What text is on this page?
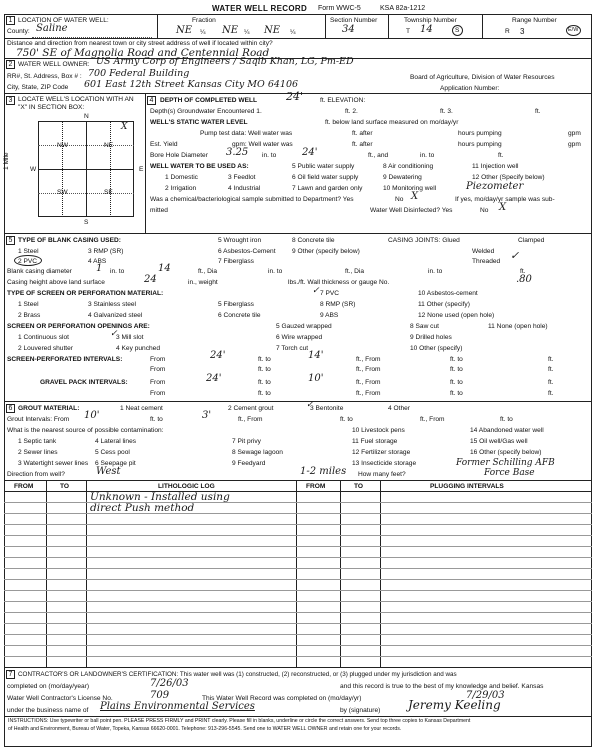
WATER WELL RECORD Form WWC-5	KSA 82a-1212
1 LOCATION OF WATER WELL:
County: Saline
Fraction
NE ¼ NE ¼ NE ¼
Section Number
34
Township Number
T 14	S
Range Number
R 3	E/W
Distance and direction from nearest town or city street address of well if located within city?
750' SE of Magnolia Road and Centennial Road
2 WATER WELL OWNER: US Army Corp of Engineers / Saqib Khan, LG, Pm-ED
RR#, St. Address, Box # : 700 Federal Building	Board of Agriculture, Division of Water Resources
City, State, ZIP Code 601 East 12th Street Kansas City MO 64106	Application Number:
3 LOCATE WELL'S LOCATION WITH AN "X" IN SECTION BOX:
N
S
W	E
1 Mile
NW	NE
SW	SE
X
4 DEPTH OF COMPLETED WELL	24'	ft. ELEVATION:
Depth(s) Groundwater Encountered 1.	ft. 2.	ft. 3.	ft.
WELL'S STATIC WATER LEVEL	ft. below land surface measured on mo/day/yr
Pump test data: Well water was	ft. after	hours pumping	gpm
Est. Yield	gpm: Well water was	ft. after	hours pumping	gpm
Bore Hole Diameter 3.25 in. to	24'	ft., and	in. to	ft.
WELL WATER TO BE USED AS:	5 Public water supply	8 Air conditioning	11 Injection well
1 Domestic	3 Feedlot	6 Oil field water supply	9 Dewatering	12 Other (Specify below)
2 Irrigation	4 Industrial	7 Lawn and garden only	10 Monitoring well	Piezometer
Was a chemical/bacteriological sample submitted to Department? Yes	No X	If yes, mo/day/yr sample was sub-
mitted	Water Well Disinfected? Yes	No X
5 TYPE OF BLANK CASING USED:	5 Wrought iron	8 Concrete tile	CASING JOINTS: Glued	Clamped
1 Steel	3 RMP (SR)	6 Asbestos-Cement 9 Other (specify below)	Welded
2 PVC	4 ABS	7 Fiberglass	Threaded ✓
Blank casing diameter 1 in. to	14	ft., Dia	in. to	ft., Dia	in. to	ft.
Casing height above land surface	24	in., weight	lbs./ft. Wall thickness or gauge No.	.80
TYPE OF SCREEN OR PERFORATION MATERIAL:	7 PVC
✓	10 Asbestos-cement
1 Steel	3 Stainless steel	5 Fiberglass	8 RMP (SR)	11 Other (specify)
2 Brass	4 Galvanized steel	6 Concrete tile	9 ABS	12 None used (open hole)
SCREEN OR PERFORATION OPENINGS ARE:
1 Continuous slot	3 Mill slot
✓
5 Gauzed wrapped	8 Saw cut	11 None (open hole)
6 Wire wrapped	9 Drilled holes
2 Louvered shutter	4 Key punched	7 Torch cut	10 Other (specify)
SCREEN-PERFORATED INTERVALS:	From	24'	ft. to	14'	ft., From	ft. to	ft.
From	ft. to	ft., From	ft. to	ft.
GRAVEL PACK INTERVALS:	From	24'	ft. to	10'	ft., From	ft. to	ft.
From	ft. to	ft., From	ft. to	ft.
6 GROUT MATERIAL:	1 Neat cement	2 Cement grout	3 Bentonite
✓	4 Other
Grout Intervals: From 10'	ft. to	3'	ft., From	ft. to	ft., From	ft. to
What is the nearest source of possible contamination:
1 Septic tank	4 Lateral lines	7 Pit privy
10 Livestock pens	14 Abandoned water well
2 Sewer lines	5 Cess pool	8 Sewage lagoon
11 Fuel storage	15 Oil well/Gas well
3 Watertight sewer lines 6 Seepage pit	9 Feedyard
12 Fertilizer storage	16 Other (specify below)
13 Insecticide storage	Former Schilling AFB
Force Base
Direction from well?	West	1-2 miles How many feet?
FROM	TO	LITHOLOGIC LOG	FROM	TO	PLUGGING INTERVALS
Unknown - Installed using
direct Push method
7 CONTRACTOR'S OR LANDOWNER'S CERTIFICATION: This water well was (1) constructed, (2) reconstructed, or (3) plugged under my jurisdiction and was
completed on (mo/day/year)	7/26/03	and this record is true to the best of my knowledge and belief. Kansas
Water Well Contractor's License No.	709	This Water Well Record was completed on (mo/day/yr)	7/29/03
under the business name of Plains Environmental Services	by (signature) Jeremy Keeling
INSTRUCTIONS: Use typewriter or ball point pen. PLEASE PRESS FIRMLY and PRINT clearly. Please fill in blanks, underline or circle the correct answers. Send top three copies to Kansas Department
of Health and Environment, Bureau of Water, Topeka, Kansas 66620-0001. Telephone: 913-296-5545. Send one to WATER WELL OWNER and retain one for your records.
